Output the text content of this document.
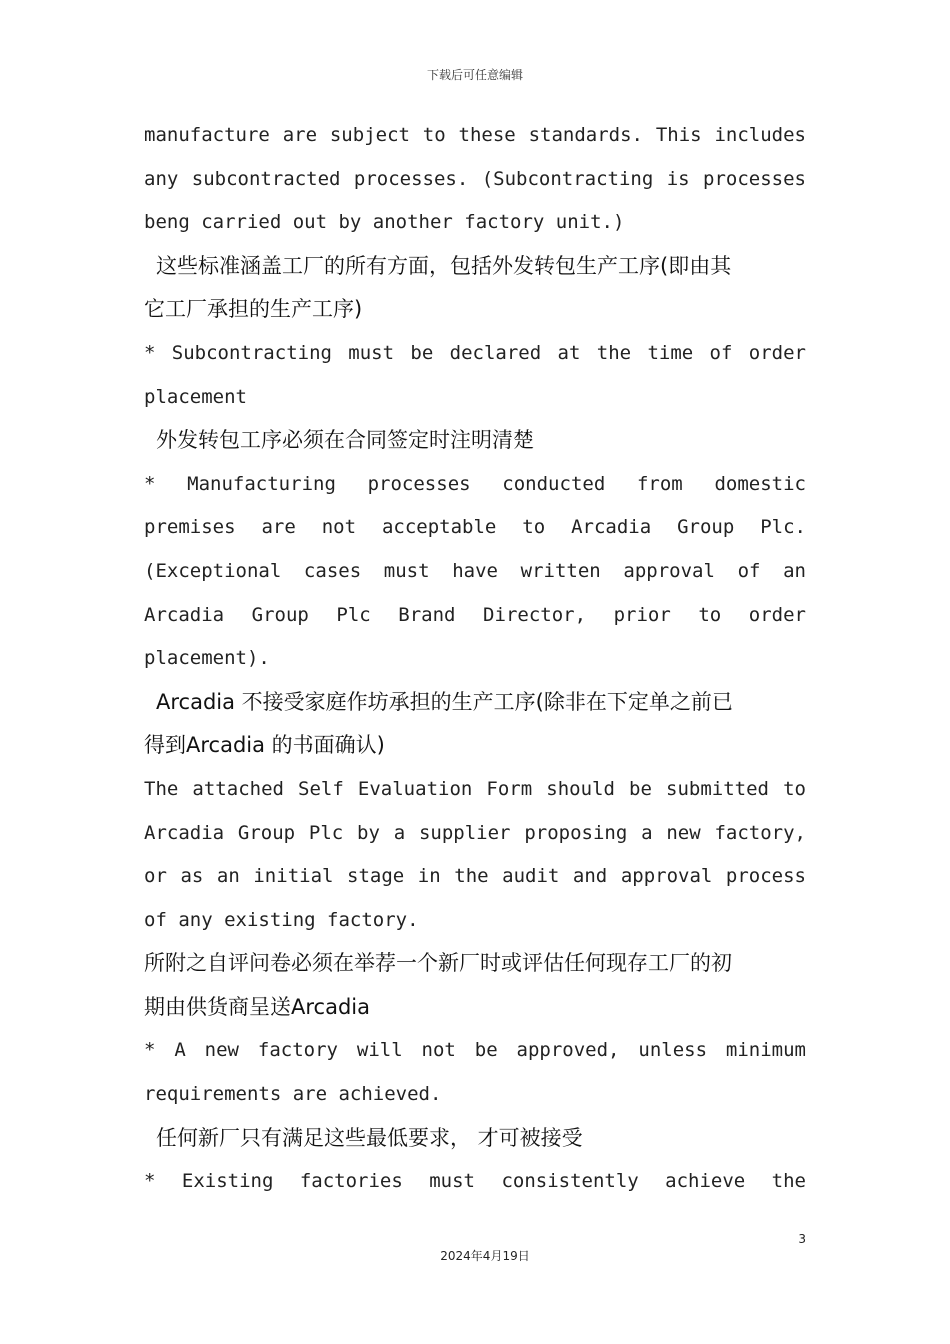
下载后可任意编辑
manufacture are subject to these standards. This includes
any subcontracted processes. (Subcontracting is processes
beng carried out by another factory unit.)
这些标准涵盖工厂的所有方面，包括外发转包生产工序(即由其
它工厂承担的生产工序)
* Subcontracting must be declared at the time of order
placement
外发转包工序必须在合同签定时注明清楚
* Manufacturing processes conducted from domestic
premises are not acceptable to Arcadia Group Plc.
(Exceptional cases must have written approval of an
Arcadia Group Plc Brand Director, prior to order
placement).
Arcadia 不接受家庭作坊承担的生产工序(除非在下定单之前已
得到Arcadia 的书面确认)
The attached Self Evaluation Form should be submitted to
Arcadia Group Plc by a supplier proposing a new factory,
or as an initial stage in the audit and approval process
of any existing factory.
所附之自评问卷必须在举荐一个新厂时或评估任何现存工厂的初
期由供货商呈送Arcadia
* A new factory will not be approved, unless minimum
requirements are achieved.
任何新厂只有满足这些最低要求， 才可被接受
* Existing factories must consistently achieve the
3
2024年4月19日
